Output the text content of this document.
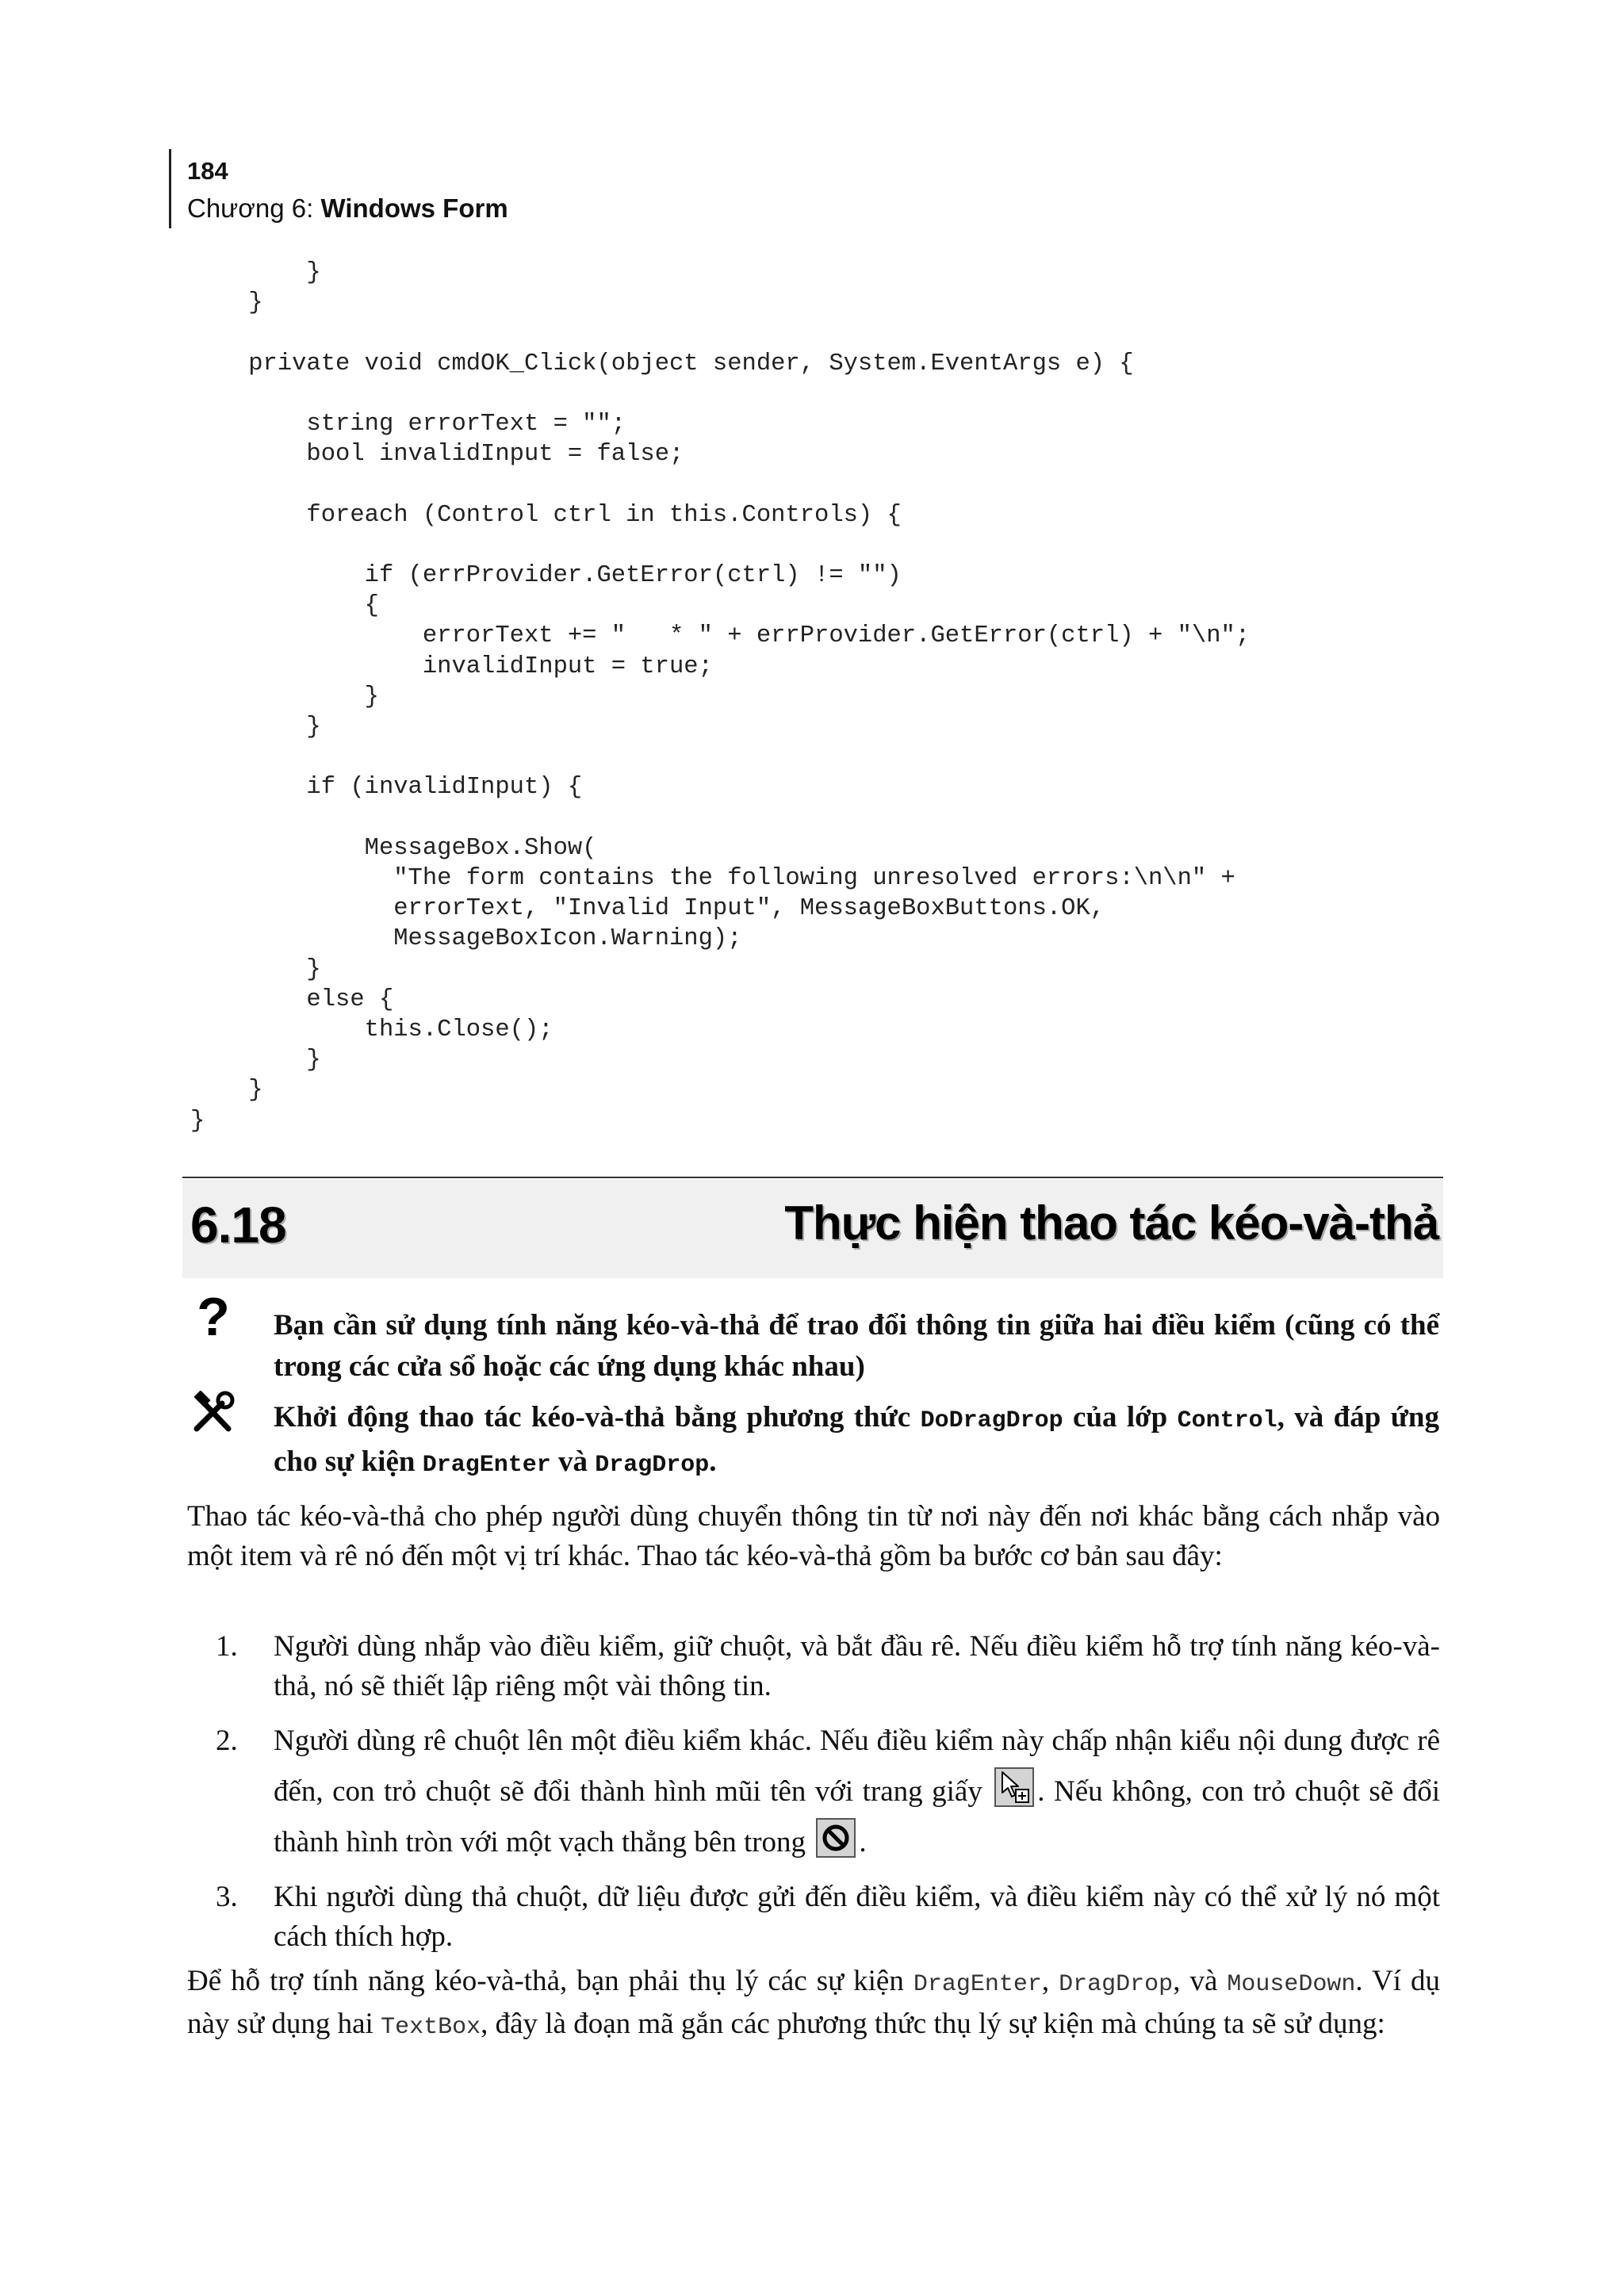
184
Chương 6: Windows Form
}
}

private void cmdOK_Click(object sender, System.EventArgs e) {

string errorText = "";
bool invalidInput = false;

foreach (Control ctrl in this.Controls) {

if (errProvider.GetError(ctrl) != "")
{
errorText += "   * " + errProvider.GetError(ctrl) + "\n";
invalidInput = true;
}
}

if (invalidInput) {

MessageBox.Show(
"The form contains the following unresolved errors:\n\n" +
errorText, "Invalid Input", MessageBoxButtons.OK,
MessageBoxIcon.Warning);
}
else {
this.Close();
}
}
}
6.18	Thực hiện thao tác kéo-và-thả
? Bạn cần sử dụng tính năng kéo-và-thả để trao đổi thông tin giữa hai điều kiểm (cũng có thể trong các cửa sổ hoặc các ứng dụng khác nhau)
Khởi động thao tác kéo-và-thả bằng phương thức DoDragDrop của lớp Control, và đáp ứng cho sự kiện DragEnter và DragDrop.
Thao tác kéo-và-thả cho phép người dùng chuyển thông tin từ nơi này đến nơi khác bằng cách nhắp vào một item và rê nó đến một vị trí khác. Thao tác kéo-và-thả gồm ba bước cơ bản sau đây:
1. Người dùng nhắp vào điều kiểm, giữ chuột, và bắt đầu rê. Nếu điều kiểm hỗ trợ tính năng kéo-và-thả, nó sẽ thiết lập riêng một vài thông tin.
2. Người dùng rê chuột lên một điều kiểm khác. Nếu điều kiểm này chấp nhận kiểu nội dung được rê đến, con trỏ chuột sẽ đổi thành hình mũi tên với trang giấy . Nếu không, con trỏ chuột sẽ đổi thành hình tròn với một vạch thẳng bên trong .
3. Khi người dùng thả chuột, dữ liệu được gửi đến điều kiểm, và điều kiểm này có thể xử lý nó một cách thích hợp.
Để hỗ trợ tính năng kéo-và-thả, bạn phải thụ lý các sự kiện DragEnter, DragDrop, và MouseDown. Ví dụ này sử dụng hai TextBox, đây là đoạn mã gắn các phương thức thụ lý sự kiện mà chúng ta sẽ sử dụng:
